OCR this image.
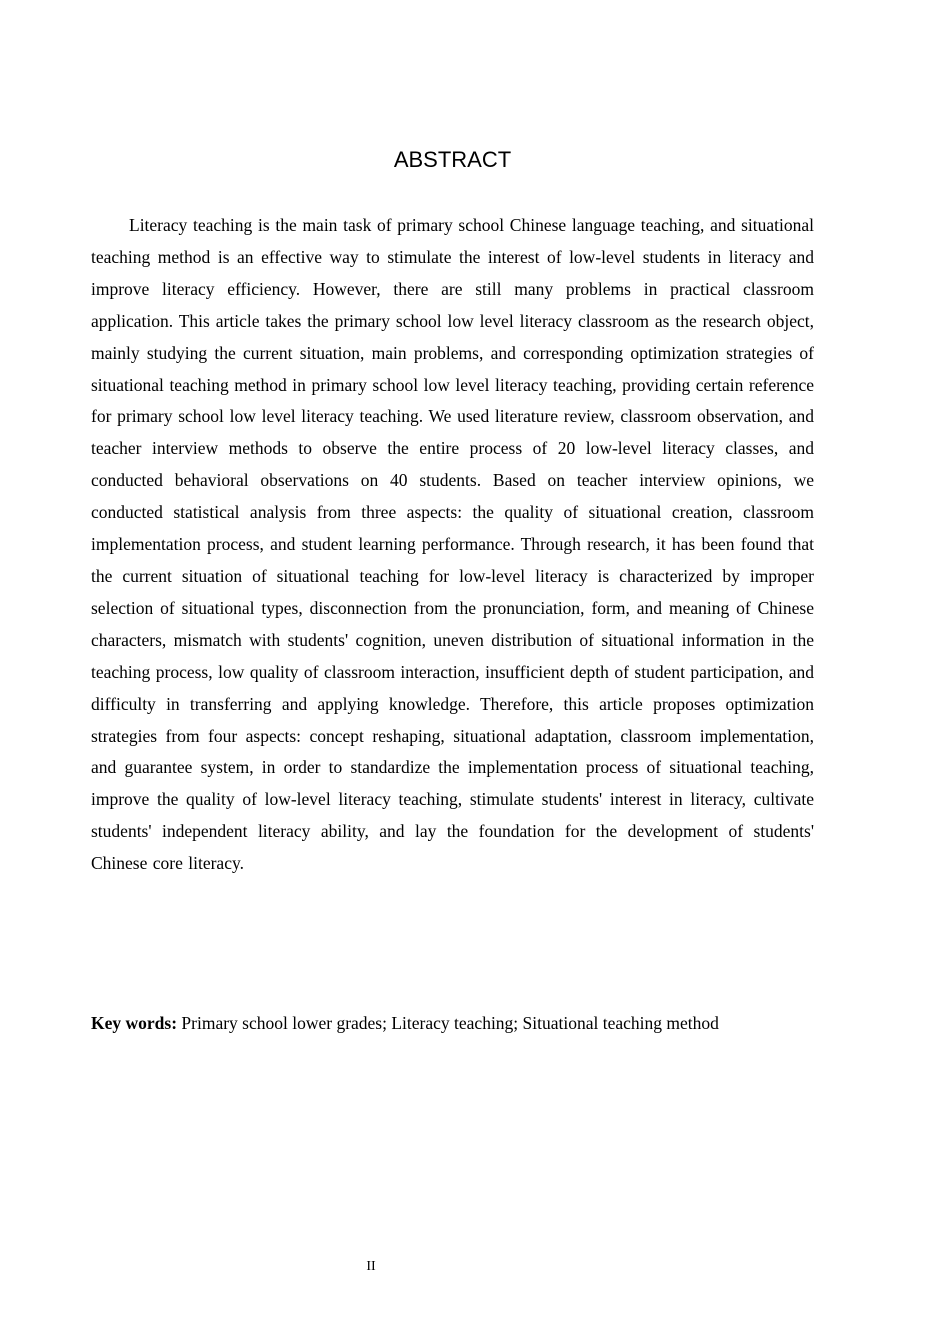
ABSTRACT

Literacy teaching is the main task of primary school Chinese language teaching, and situational teaching method is an effective way to stimulate the interest of low-level students in literacy and improve literacy efficiency. However, there are still many problems in practical classroom application. This article takes the primary school low level literacy classroom as the research object, mainly studying the current situation, main problems, and corresponding optimization strategies of situational teaching method in primary school low level literacy teaching, providing certain reference for primary school low level literacy teaching. We used literature review, classroom observation, and teacher interview methods to observe the entire process of 20 low-level literacy classes, and conducted behavioral observations on 40 students. Based on teacher interview opinions, we conducted statistical analysis from three aspects: the quality of situational creation, classroom implementation process, and student learning performance. Through research, it has been found that the current situation of situational teaching for low-level literacy is characterized by improper selection of situational types, disconnection from the pronunciation, form, and meaning of Chinese characters, mismatch with students' cognition, uneven distribution of situational information in the teaching process, low quality of classroom interaction, insufficient depth of student participation, and difficulty in transferring and applying knowledge. Therefore, this article proposes optimization strategies from four aspects: concept reshaping, situational adaptation, classroom implementation, and guarantee system, in order to standardize the implementation process of situational teaching, improve the quality of low-level literacy teaching, stimulate students' interest in literacy, cultivate students' independent literacy ability, and lay the foundation for the development of students' Chinese core literacy.

Key words: Primary school lower grades; Literacy teaching; Situational teaching method

II
